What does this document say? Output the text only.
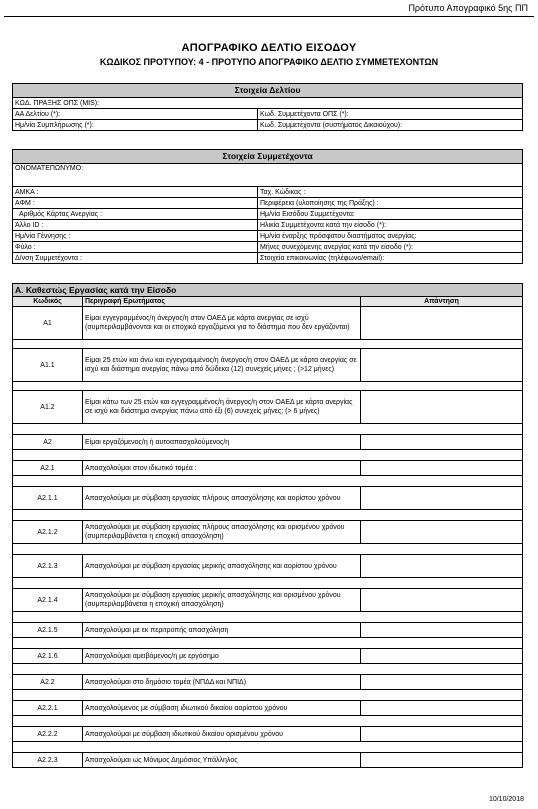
Πρότυπο Απογραφικό 5ης ΠΠ
ΑΠΟΓΡΑΦΙΚΟ ΔΕΛΤΙΟ ΕΙΣΟΔΟΥ
ΚΩΔΙΚΟΣ ΠΡΟΤΥΠΟΥ: 4 - ΠΡΟΤΥΠΟ ΑΠΟΓΡΑΦΙΚΟ ΔΕΛΤΙΟ ΣΥΜΜΕΤΕΧΟΝΤΩΝ
Στοιχεία Δελτίου	
ΚΩΔ. ΠΡΑΞΗΣ ΟΠΣ (MIS):	
ΑΑ Δελτίου (*):	Κωδ. Συμμετέχοντα ΟΠΣ (*):
Ημ/νία Συμπλήρωσης (*):	Κωδ. Συμμετέχοντα (συστήματος Δικαιούχου):
Στοιχεία Συμμετέχοντα	
ΟΝΟΜΑΤΕΠΩΝΥΜΟ:	
ΑΜΚΑ :	Ταχ. Κώδικας :
ΑΦΜ :	Περιφέρεια (υλοποίησης της Πράξης) :
Αριθμός Κάρτας Ανεργίας :	Ημ/νία Εισόδου Συμμετέχοντα:
Άλλο ID :	Ηλικία Συμμετέχοντα κατά την είσοδο (*):
Ημ/νία Γέννησης :	Ημ/νία έναρξης πρόσφατου διαστήματος ανεργίας:
Φύλο :	Μήνες συνεχόμενης ανεργίας κατά την είσοδο (*):
Δ/νση Συμμετέχοντα :	Στοιχεία επικοινωνίας (τηλέφωνο/email):
Α. Καθεστώς Εργασίας κατά την Είσοδο		
Κωδικός	Περιγραφή Ερωτήματος	Απάντηση
A1	Είμαι εγγεγραμμένος/η άνεργος/η στον ΟΑΕΔ με κάρτα ανεργίας σε ισχύ (συμπεριλαμβάνονται και οι εποχικά εργαζόμενοι για το διάστημα που δεν εργάζονται)	

A1.1	Είμαι 25 ετών και άνω και εγγεγραμμένος/η άνεργος/η στον ΟΑΕΔ με κάρτα ανεργίας σε ισχύ και διάστημα ανεργίας πάνω από δώδεκα (12) συνεχείς μήνες ; (>12 μήνες)	

A1.2	Είμαι κάτω των 25 ετών και εγγεγραμμένος/η άνεργος/η στον ΟΑΕΔ με κάρτα ανεργίας σε ισχύ και διάστημα ανεργίας πάνω από έξι (6) συνεχείς μήνες; (> 6 μήνες)	

A2	Είμαι εργαζόμενος/η ή αυτοαπασχολούμενος/η	

A2.1	Απασχολούμαι στον ιδιωτικό τομέα :	

A2.1.1	Απασχολούμαι με σύμβαση εργασίας πλήρους απασχόλησης και αορίστου χρόνου	

A2.1.2	Απασχολούμαι με σύμβαση εργασίας πλήρους απασχόλησης και ορισμένου χρόνου (συμπεριλαμβάνεται η εποχική απασχόληση)	

A2.1.3	Απασχολούμαι με σύμβαση εργασίας μερικής απασχόλησης και αορίστου χρόνου	

A2.1.4	Απασχολούμαι με σύμβαση εργασίας μερικής απασχόλησης και ορισμένου χρόνου (συμπεριλαμβάνεται η εποχική απασχόληση)	

A2.1.5	Απασχολούμαι με εκ περιτροπής απασχόληση	

A2.1.6	Απασχολούμαι αμειβόμενος/η με εργόσημο	

A2.2	Απασχολούμαι στο δημόσιο τομέα (ΝΠΔΔ και ΝΠΙΔ)	

A2.2.1	Απασχολούμενος με σύμβαση ιδιωτικού δικαίου αορίστου χρόνου	

A2.2.2	Απασχολούμαι με σύμβαση ιδιωτικού δικαίου ορισμένου χρόνου	

A2.2.3	Απασχολούμαι ως Μόνιμος Δημόσιος Υπάλληλος	
10/10/2018
